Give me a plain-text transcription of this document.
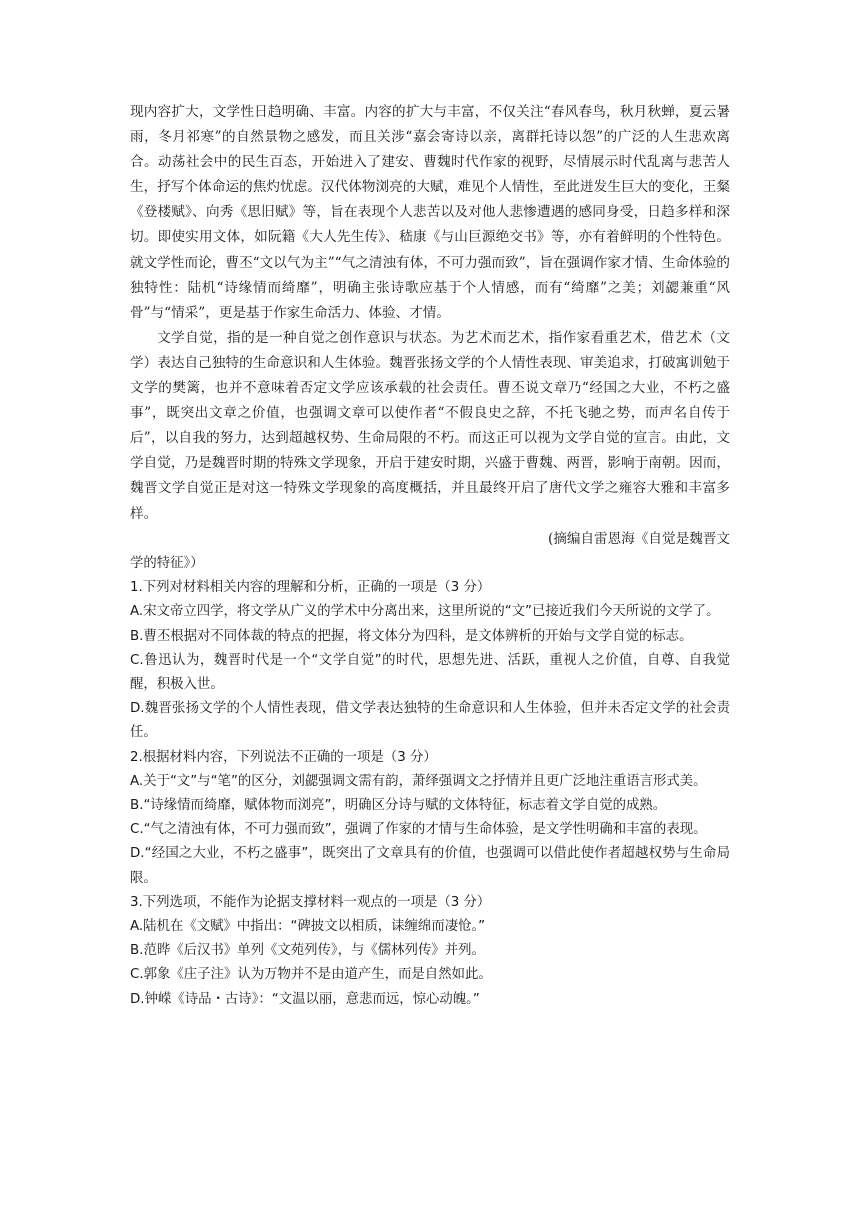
现内容扩大，文学性日趋明确、丰富。内容的扩大与丰富，不仅关注“春风春鸟，秋月秋蝉，夏云暑雨，冬月祁寒”的自然景物之感发，而且关涉“嘉会寄诗以亲，离群托诗以怨”的广泛的人生悲欢离合。动荡社会中的民生百态，开始进入了建安、曹魏时代作家的视野，尽情展示时代乱离与悲苦人生，抒写个体命运的焦灼忧虑。汉代体物浏亮的大赋，难见个人情性，至此迸发生巨大的变化，王粲《登楼赋》、向秀《思旧赋》等，旨在表现个人悲苦以及对他人悲惨遭遇的感同身受，日趋多样和深切。即使实用文体，如阮籍《大人先生传》、嵇康《与山巨源绝交书》等，亦有着鲜明的个性特色。就文学性而论，曹丕“文以气为主”“气之清浊有体，不可力强而致”，旨在强调作家才情、生命体验的独特性：陆机“诗缘情而绮靡”，明确主张诗歌应基于个人情感，而有“绮靡”之美；刘勰兼重“风骨”与“情采”，更是基于作家生命活力、体验、才情。

文学自觉，指的是一种自觉之创作意识与状态。为艺术而艺术，指作家看重艺术，借艺术（文学）表达自己独特的生命意识和人生体验。魏晋张扬文学的个人情性表现、审美追求，打破寓训勉于文学的樊篱，也并不意味着否定文学应该承载的社会责任。曹丕说文章乃“经国之大业，不朽之盛事”，既突出文章之价值，也强调文章可以使作者“不假良史之辞，不托飞驰之势，而声名自传于后”，以自我的努力，达到超越权势、生命局限的不朽。而这正可以视为文学自觉的宣言。由此，文学自觉，乃是魏晋时期的特殊文学现象，开启于建安时期，兴盛于曹魏、两晋，影响于南朝。因而，魏晋文学自觉正是对这一特殊文学现象的高度概括，并且最终开启了唐代文学之雍容大雅和丰富多样。

(摘编自雷恩海《自觉是魏晋文

学的特征》）

1.下列对材料相关内容的理解和分析，正确的一项是（3 分）

A.宋文帝立四学，将文学从广义的学术中分离出来，这里所说的“文”已接近我们今天所说的文学了。

B.曹丕根据对不同体裁的特点的把握，将文体分为四科，是文体辨析的开始与文学自觉的标志。

C.鲁迅认为，魏晋时代是一个“文学自觉”的时代，思想先进、活跃，重视人之价值，自尊、自我觉醒，积极入世。

D.魏晋张扬文学的个人情性表现，借文学表达独特的生命意识和人生体验，但并未否定文学的社会责任。

2.根据材料内容，下列说法不正确的一项是（3 分）

A.关于“文”与“笔”的区分，刘勰强调文需有韵，萧绎强调文之抒情并且更广泛地注重语言形式美。

B.“诗缘情而绮靡，赋体物而浏亮”，明确区分诗与赋的文体特征，标志着文学自觉的成熟。

C.“气之清浊有体，不可力强而致”，强调了作家的才情与生命体验，是文学性明确和丰富的表现。

D.“经国之大业，不朽之盛事”，既突出了文章具有的价值，也强调可以借此使作者超越权势与生命局限。

3.下列选项，不能作为论据支撑材料一观点的一项是（3 分）

A.陆机在《文赋》中指出：“碑披文以相质，诔缠绵而凄怆。”

B.范晔《后汉书》单列《文苑列传》，与《儒林列传》并列。

C.郭象《庄子注》认为万物并不是由道产生，而是自然如此。

D.钟嵘《诗品・古诗》：“文温以丽，意悲而远，惊心动魄。”
